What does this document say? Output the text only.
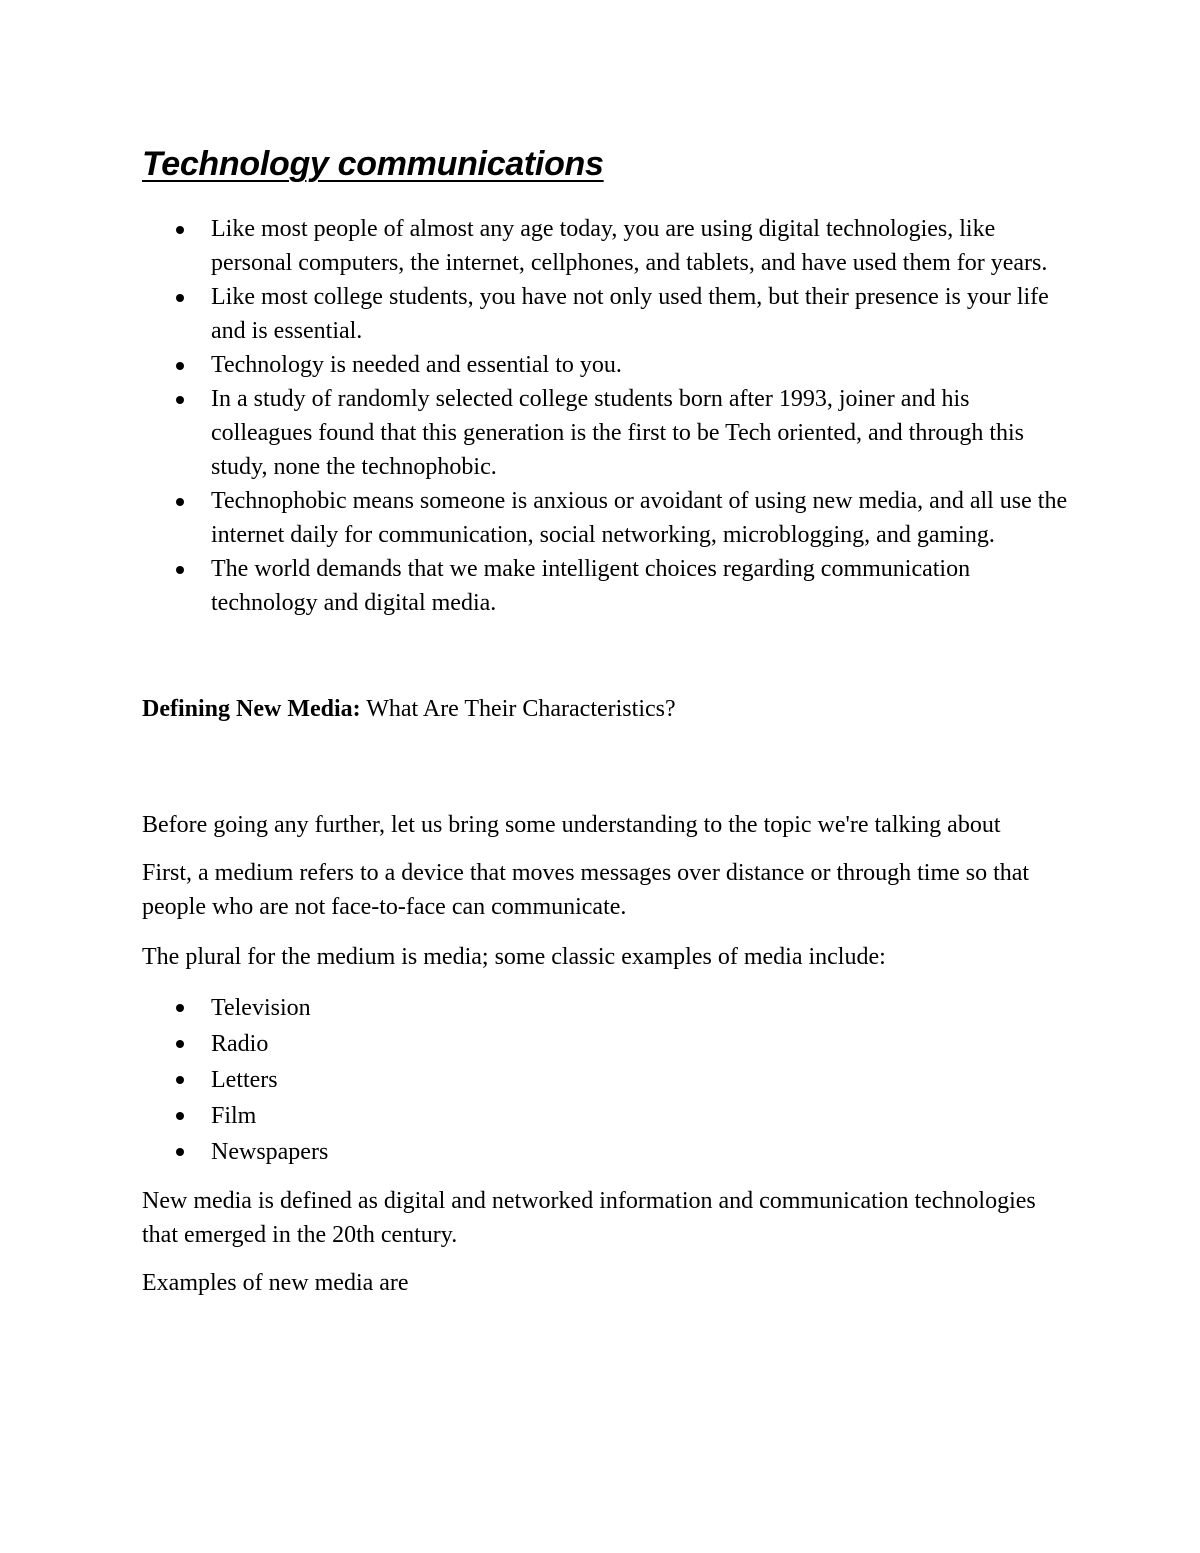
Technology communications
Like most people of almost any age today, you are using digital technologies, like personal computers, the internet, cellphones, and tablets, and have used them for years.
Like most college students, you have not only used them, but their presence is your life and is essential.
Technology is needed and essential to you.
In a study of randomly selected college students born after 1993, joiner and his colleagues found that this generation is the first to be Tech oriented, and through this study, none the technophobic.
Technophobic means someone is anxious or avoidant of using new media, and all use the internet daily for communication, social networking, microblogging, and gaming.
The world demands that we make intelligent choices regarding communication technology and digital media.

Defining New Media: What Are Their Characteristics?

Before going any further, let us bring some understanding to the topic we're talking about

First, a medium refers to a device that moves messages over distance or through time so that people who are not face-to-face can communicate.

The plural for the medium is media; some classic examples of media include:

Television
Radio
Letters
Film
Newspapers

New media is defined as digital and networked information and communication technologies that emerged in the 20th century.

Examples of new media are
